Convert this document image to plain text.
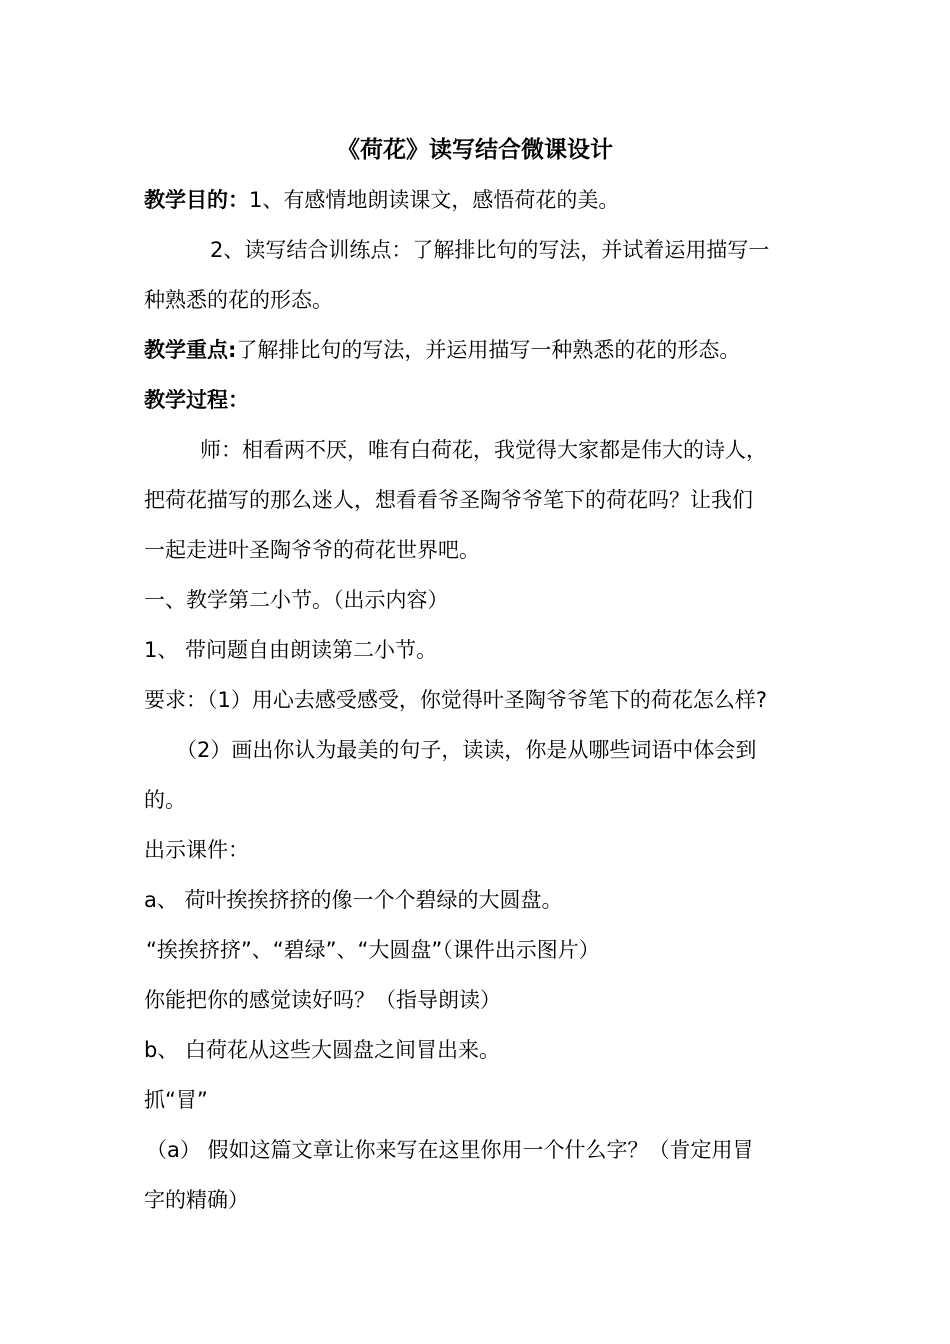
《荷花》读写结合微课设计
教学目的：1、有感情地朗读课文，感悟荷花的美。
2、读写结合训练点：了解排比句的写法，并试着运用描写一
种熟悉的花的形态。
教学重点:了解排比句的写法，并运用描写一种熟悉的花的形态。
教学过程：
师：相看两不厌，唯有白荷花，我觉得大家都是伟大的诗人，
把荷花描写的那么迷人，想看看爷圣陶爷爷笔下的荷花吗？让我们
一起走进叶圣陶爷爷的荷花世界吧。
一、教学第二小节。（出示内容）
1、 带问题自由朗读第二小节。
要求：（1）用心去感受感受，你觉得叶圣陶爷爷笔下的荷花怎么样?
（2）画出你认为最美的句子，读读，你是从哪些词语中体会到
的。
出示课件：
a、 荷叶挨挨挤挤的像一个个碧绿的大圆盘。
“挨挨挤挤”、“碧绿”、“大圆盘”（课件出示图片）
你能把你的感觉读好吗？（指导朗读）
b、 白荷花从这些大圆盘之间冒出来。
抓“冒”
（a） 假如这篇文章让你来写在这里你用一个什么字？（肯定用冒
字的精确）
